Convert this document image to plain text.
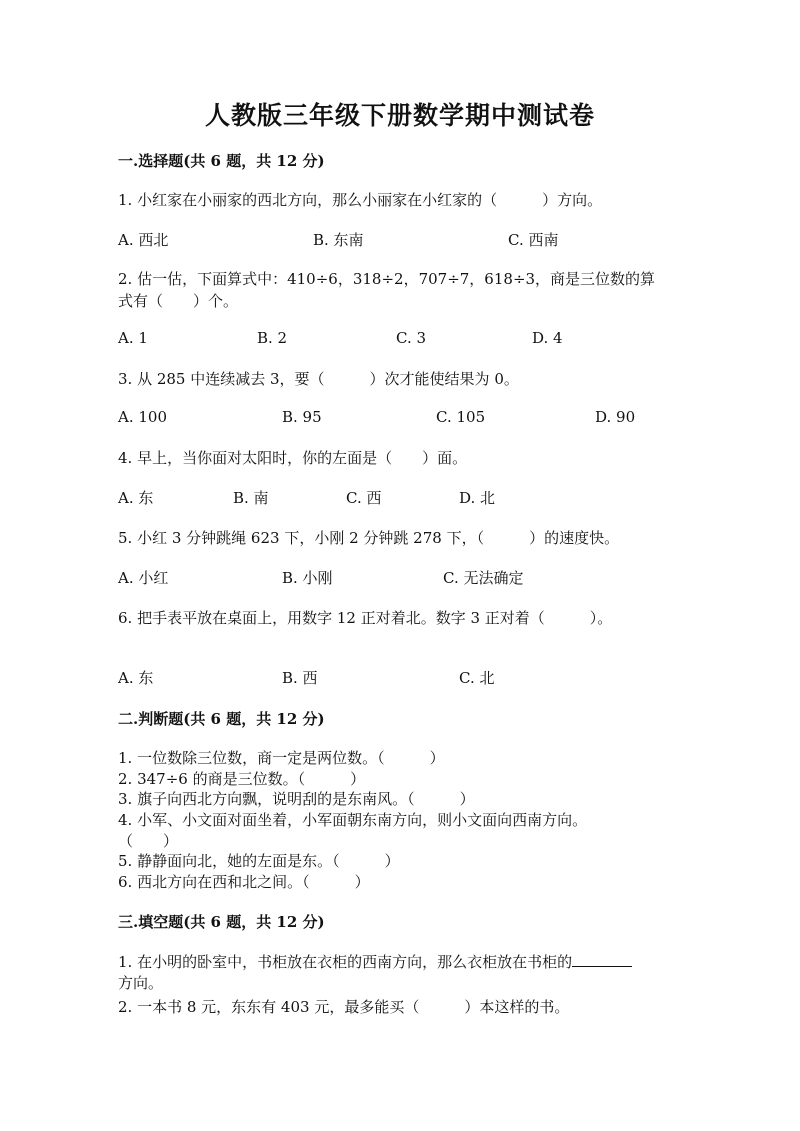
人教版三年级下册数学期中测试卷
一.选择题(共 6 题，共 12 分)
1. 小红家在小丽家的西北方向，那么小丽家在小红家的（　　　）方向。
A. 西北	B. 东南	C. 西南
2. 估一估，下面算式中：410÷6，318÷2，707÷7，618÷3，商是三位数的算
式有（　　）个。
A. 1	B. 2	C. 3	D. 4
3. 从 285 中连续减去 3，要（　　　）次才能使结果为 0。
A. 100	B. 95	C. 105	D. 90
4. 早上，当你面对太阳时，你的左面是（　　）面。
A. 东	B. 南	C. 西	D. 北
5. 小红 3 分钟跳绳 623 下，小刚 2 分钟跳 278 下，（　　　）的速度快。
A. 小红	B. 小刚	C. 无法确定
6. 把手表平放在桌面上，用数字 12 正对着北。数字 3 正对着（　　　）。
A. 东	B. 西	C. 北
二.判断题(共 6 题，共 12 分)
1. 一位数除三位数，商一定是两位数。（　　　）
2. 347÷6 的商是三位数。（　　　）
3. 旗子向西北方向飘，说明刮的是东南风。（　　　）
4. 小军、小文面对面坐着，小军面朝东南方向，则小文面向西南方向。
（　　）
5. 静静面向北，她的左面是东。（　　　）
6. 西北方向在西和北之间。（　　　）
三.填空题(共 6 题，共 12 分)
1. 在小明的卧室中，书柜放在衣柜的西南方向，那么衣柜放在书柜的
方向。
2. 一本书 8 元，东东有 403 元，最多能买（　　　）本这样的书。
